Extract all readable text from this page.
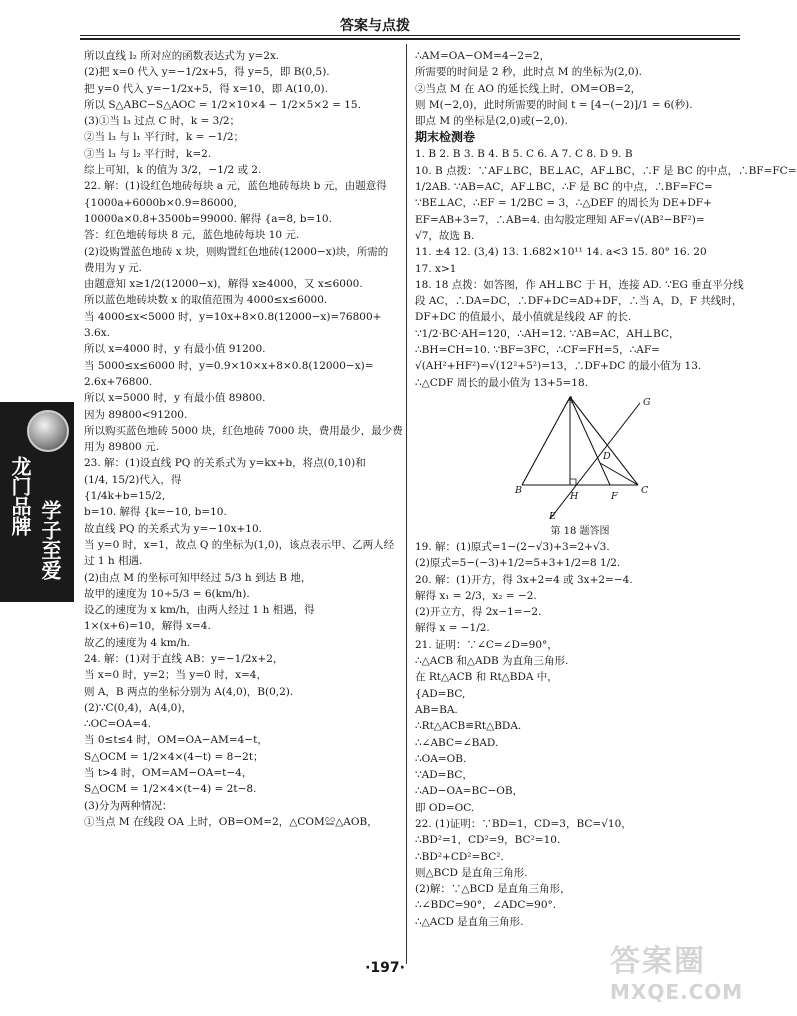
答案与点拨
龙门品牌
学子至爱
所以直线 l₂ 所对应的函数表达式为 y=2x.
(2)把 x=0 代入 y=−1/2x+5，得 y=5，即 B(0,5).
把 y=0 代入 y=−1/2x+5，得 x=10，即 A(10,0).
所以 S△ABC−S△AOC = 1/2×10×4 − 1/2×5×2 = 15.
(3)①当 l₃ 过点 C 时，k = 3/2；
②当 l₃ 与 l₁ 平行时，k = −1/2；
③当 l₃ 与 l₂ 平行时，k=2.
综上可知，k 的值为 3/2，−1/2 或 2.
22. 解：(1)设红色地砖每块 a 元，蓝色地砖每块 b 元，由题意得
{1000a+6000b×0.9=86000,
10000a×0.8+3500b=99000. 解得 {a=8, b=10.
答：红色地砖每块 8 元，蓝色地砖每块 10 元.
(2)设购置蓝色地砖 x 块，则购置红色地砖(12000−x)块，所需的
费用为 y 元.
由题意知 x≥1/2(12000−x)，解得 x≥4000，又 x≤6000.
所以蓝色地砖块数 x 的取值范围为 4000≤x≤6000.
当 4000≤x<5000 时，y=10x+8×0.8(12000−x)=76800+
3.6x.
所以 x=4000 时，y 有最小值 91200.
当 5000≤x≤6000 时，y=0.9×10×x+8×0.8(12000−x)=
2.6x+76800.
所以 x=5000 时，y 有最小值 89800.
因为 89800<91200.
所以购买蓝色地砖 5000 块，红色地砖 7000 块，费用最少，最少费
用为 89800 元.
23. 解：(1)设直线 PQ 的关系式为 y=kx+b，将点(0,10)和
(1/4, 15/2)代入，得
{1/4k+b=15/2,
b=10. 解得 {k=−10, b=10.
故直线 PQ 的关系式为 y=−10x+10.
当 y=0 时，x=1，故点 Q 的坐标为(1,0)，该点表示甲、乙两人经
过 1 h 相遇.
(2)由点 M 的坐标可知甲经过 5/3 h 到达 B 地，
故甲的速度为 10÷5/3 = 6(km/h).
设乙的速度为 x km/h，由两人经过 1 h 相遇，得
1×(x+6)=10，解得 x=4.
故乙的速度为 4 km/h.
24. 解：(1)对于直线 AB：y=−1/2x+2，
当 x=0 时，y=2；当 y=0 时，x=4，
则 A，B 两点的坐标分别为 A(4,0)，B(0,2).
(2)∵C(0,4)，A(4,0)，
∴OC=OA=4.
当 0≤t≤4 时，OM=OA−AM=4−t，
S△OCM = 1/2×4×(4−t) = 8−2t；
当 t>4 时，OM=AM−OA=t−4，
S△OCM = 1/2×4×(t−4) = 2t−8.
(3)分为两种情况：
①当点 M 在线段 OA 上时，OB=OM=2，△COM≌△AOB，
∴AM=OA−OM=4−2=2，
所需要的时间是 2 秒，此时点 M 的坐标为(2,0).
②当点 M 在 AO 的延长线上时，OM=OB=2，
则 M(−2,0)，此时所需要的时间 t = [4−(−2)]/1 = 6(秒).
即点 M 的坐标是(2,0)或(−2,0).
期末检测卷
1. B 2. B 3. B 4. B 5. C 6. A 7. C 8. D 9. B
10. B 点拨：∵AF⊥BC，BE⊥AC，AF⊥BC，∴F 是 BC 的中点，∴BF=FC=
1/2AB. ∵AB=AC，AF⊥BC，∴F 是 BC 的中点，∴BF=FC=
∵BE⊥AC，∴EF = 1/2BC = 3，∴△DEF 的周长为 DE+DF+
EF=AB+3=7，∴AB=4. 由勾股定理知 AF=√(AB²−BF²)=
√7，故选 B.
11. ±4 12. (3,4) 13. 1.682×10¹¹ 14. a<3 15. 80° 16. 20
17. x>1
18. 18 点拨：如答图，作 AH⊥BC 于 H，连接 AD. ∵EG 垂直平分线
段 AC，∴DA=DC，∴DF+DC=AD+DF，∴当 A，D，F 共线时，
DF+DC 的值最小，最小值就是线段 AF 的长.
∵1/2·BC·AH=120，∴AH=12. ∵AB=AC，AH⊥BC，
∴BH=CH=10. ∵BF=3FC，∴CF=FH=5，∴AF=
√(AH²+HF²)=√(12²+5²)=13，∴DF+DC 的最小值为 13.
∴△CDF 周长的最小值为 13+5=18.
A
B	C
D
E
F
G
H
第 18 题答图
19. 解：(1)原式=1−(2−√3)+3=2+√3.
(2)原式=5−(−3)+1/2=5+3+1/2=8 1/2.
20. 解：(1)开方，得 3x+2=4 或 3x+2=−4.
解得 x₁ = 2/3，x₂ = −2.
(2)开立方，得 2x−1=−2.
解得 x = −1/2.
21. 证明：∵∠C=∠D=90°，
∴△ACB 和△ADB 为直角三角形.
在 Rt△ACB 和 Rt△BDA 中，
{AD=BC,
AB=BA.
∴Rt△ACB≌Rt△BDA.
∴∠ABC=∠BAD.
∴OA=OB.
∵AD=BC，
∴AD−OA=BC−OB，
即 OD=OC.
22. (1)证明：∵BD=1，CD=3，BC=√10，
∴BD²=1，CD²=9，BC²=10.
∴BD²+CD²=BC².
则△BCD 是直角三角形.
(2)解：∵△BCD 是直角三角形，
∴∠BDC=90°，∠ADC=90°.
∴△ACD 是直角三角形.
·197·	答案圈
MXQE.COM
